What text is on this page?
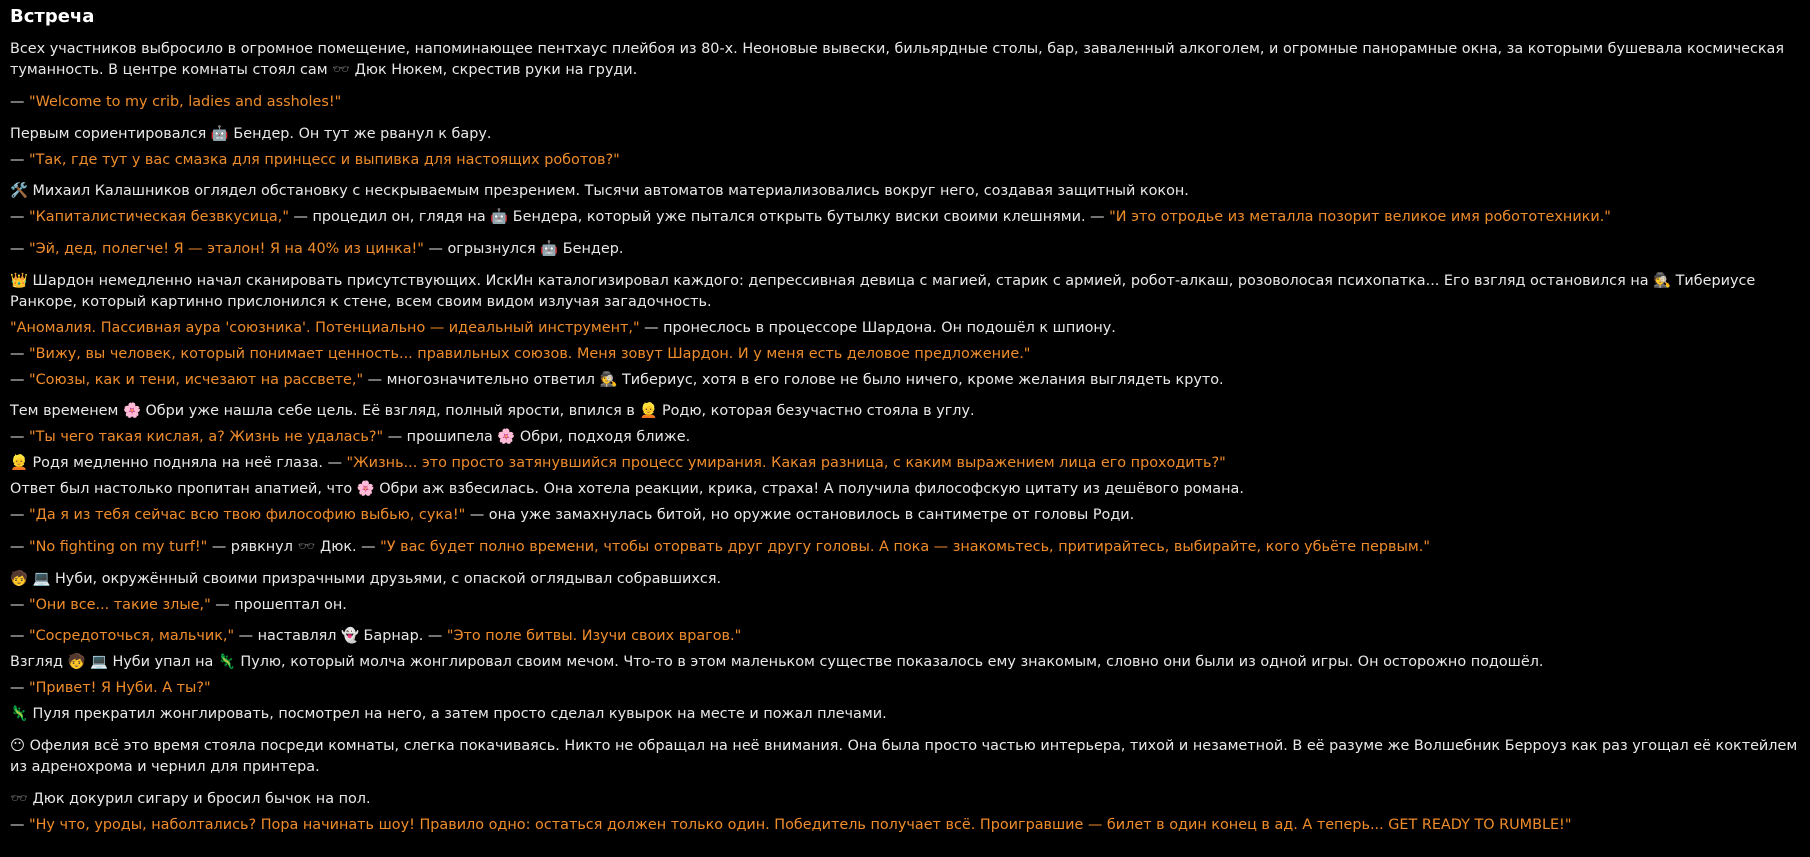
Встреча
Всех участников выбросило в огромное помещение, напоминающее пентхаус плейбоя из 80-х. Неоновые вывески, бильярдные столы, бар, заваленный алкоголем, и огромные панорамные окна, за которыми бушевала космическая туманность. В центре комнаты стоял сам 🕶️ Дюк Нюкем, скрестив руки на груди.
— "Welcome to my crib, ladies and assholes!"
Первым сориентировался 🤖 Бендер. Он тут же рванул к бару.
— "Так, где тут у вас смазка для принцесс и выпивка для настоящих роботов?"
🛠️ Михаил Калашников оглядел обстановку с нескрываемым презрением. Тысячи автоматов материализовались вокруг него, создавая защитный кокон.
— "Капиталистическая безвкусица," — процедил он, глядя на 🤖 Бендера, который уже пытался открыть бутылку виски своими клешнями. — "И это отродье из металла позорит великое имя робототехники."
— "Эй, дед, полегче! Я — эталон! Я на 40% из цинка!" — огрызнулся 🤖 Бендер.
👑 Шардон немедленно начал сканировать присутствующих. ИскИн каталогизировал каждого: депрессивная девица с магией, старик с армией, робот-алкаш, розоволосая психопатка... Его взгляд остановился на 🕵️ Тибериусе Ранкоре, который картинно прислонился к стене, всем своим видом излучая загадочность.
"Аномалия. Пассивная аура 'союзника'. Потенциально — идеальный инструмент," — пронеслось в процессоре Шардона. Он подошёл к шпиону.
— "Вижу, вы человек, который понимает ценность... правильных союзов. Меня зовут Шардон. И у меня есть деловое предложение."
— "Союзы, как и тени, исчезают на рассвете," — многозначительно ответил 🕵️ Тибериус, хотя в его голове не было ничего, кроме желания выглядеть круто.
Тем временем 🌸 Обри уже нашла себе цель. Её взгляд, полный ярости, впился в 👱 Родю, которая безучастно стояла в углу.
— "Ты чего такая кислая, а? Жизнь не удалась?" — прошипела 🌸 Обри, подходя ближе.
👱 Родя медленно подняла на неё глаза. — "Жизнь... это просто затянувшийся процесс умирания. Какая разница, с каким выражением лица его проходить?"
Ответ был настолько пропитан апатией, что 🌸 Обри аж взбесилась. Она хотела реакции, крика, страха! А получила философскую цитату из дешёвого романа.
— "Да я из тебя сейчас всю твою философию выбью, сука!" — она уже замахнулась битой, но оружие остановилось в сантиметре от головы Роди.
— "No fighting on my turf!" — рявкнул 🕶️ Дюк. — "У вас будет полно времени, чтобы оторвать друг другу головы. А пока — знакомьтесь, притирайтесь, выбирайте, кого убьёте первым."
🧒 💻 Нуби, окружённый своими призрачными друзьями, с опаской оглядывал собравшихся.
— "Они все... такие злые," — прошептал он.
— "Сосредоточься, мальчик," — наставлял 👻 Барнар. — "Это поле битвы. Изучи своих врагов."
Взгляд 🧒 💻 Нуби упал на 🦎 Пулю, который молча жонглировал своим мечом. Что-то в этом маленьком существе показалось ему знакомым, словно они были из одной игры. Он осторожно подошёл.
— "Привет! Я Нуби. А ты?"
🦎 Пуля прекратил жонглировать, посмотрел на него, а затем просто сделал кувырок на месте и пожал плечами.
😶 Офелия всё это время стояла посреди комнаты, слегка покачиваясь. Никто не обращал на неё внимания. Она была просто частью интерьера, тихой и незаметной. В её разуме же Волшебник Берроуз как раз угощал её коктейлем из адренохрома и чернил для принтера.
🕶️ Дюк докурил сигару и бросил бычок на пол.
— "Ну что, уроды, наболтались? Пора начинать шоу! Правило одно: остаться должен только один. Победитель получает всё. Проигравшие — билет в один конец в ад. А теперь... GET READY TO RUMBLE!"
